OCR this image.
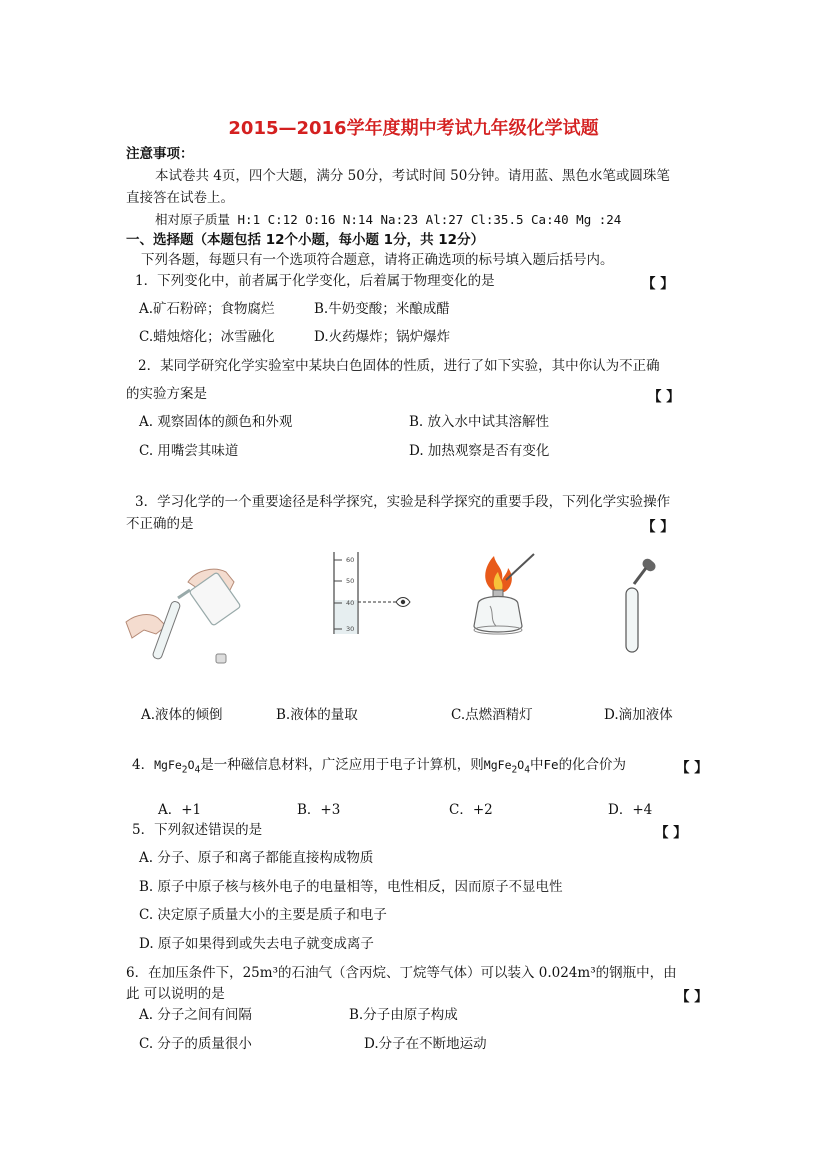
2015—2016学年度期中考试九年级化学试题
注意事项：
本试卷共 4页，四个大题，满分 50分，考试时间 50分钟。请用蓝、黑色水笔或圆珠笔
直接答在试卷上。
相对原子质量 H:1 C:12 O:16 N:14 Na:23 Al:27 Cl:35.5 Ca:40 Mg :24
一、选择题（本题包括 12个小题，每小题 1分，共 12分）
下列各题，每题只有一个选项符合题意，请将正确选项的标号填入题后括号内。
1．下列变化中，前者属于化学变化，后着属于物理变化的是	【 】
A.矿石粉碎；食物腐烂	B.牛奶变酸；米酿成醋
C.蜡烛熔化；冰雪融化	D.火药爆炸；锅炉爆炸
2．某同学研究化学实验室中某块白色固体的性质，进行了如下实验，其中你认为不正确
的实验方案是	【 】
A. 观察固体的颜色和外观	B. 放入水中试其溶解性
C. 用嘴尝其味道	D. 加热观察是否有变化
3．学习化学的一个重要途径是科学探究，实验是科学探究的重要手段，下列化学实验操作
不正确的是	【 】
60
50
40
30
A.液体的倾倒	B.液体的量取	C.点燃酒精灯	D.滴加液体
4．$MgFe_2O_4$是一种磁信息材料，广泛应用于电子计算机，则$MgFe_2O_4$中Fe的化合价为	【 】
A．+1	B．+3	C．+2	D．+4
5．下列叙述错误的是	【 】
A. 分子、原子和离子都能直接构成物质
B. 原子中原子核与核外电子的电量相等，电性相反，因而原子不显电性
C. 决定原子质量大小的主要是质子和电子
D. 原子如果得到或失去电子就变成离子
6．在加压条件下，25m³的石油气（含丙烷、丁烷等气体）可以装入 0.024m³的钢瓶中，由
此 可以说明的是	【 】
A. 分子之间有间隔	B.分子由原子构成
C. 分子的质量很小	D.分子在不断地运动
